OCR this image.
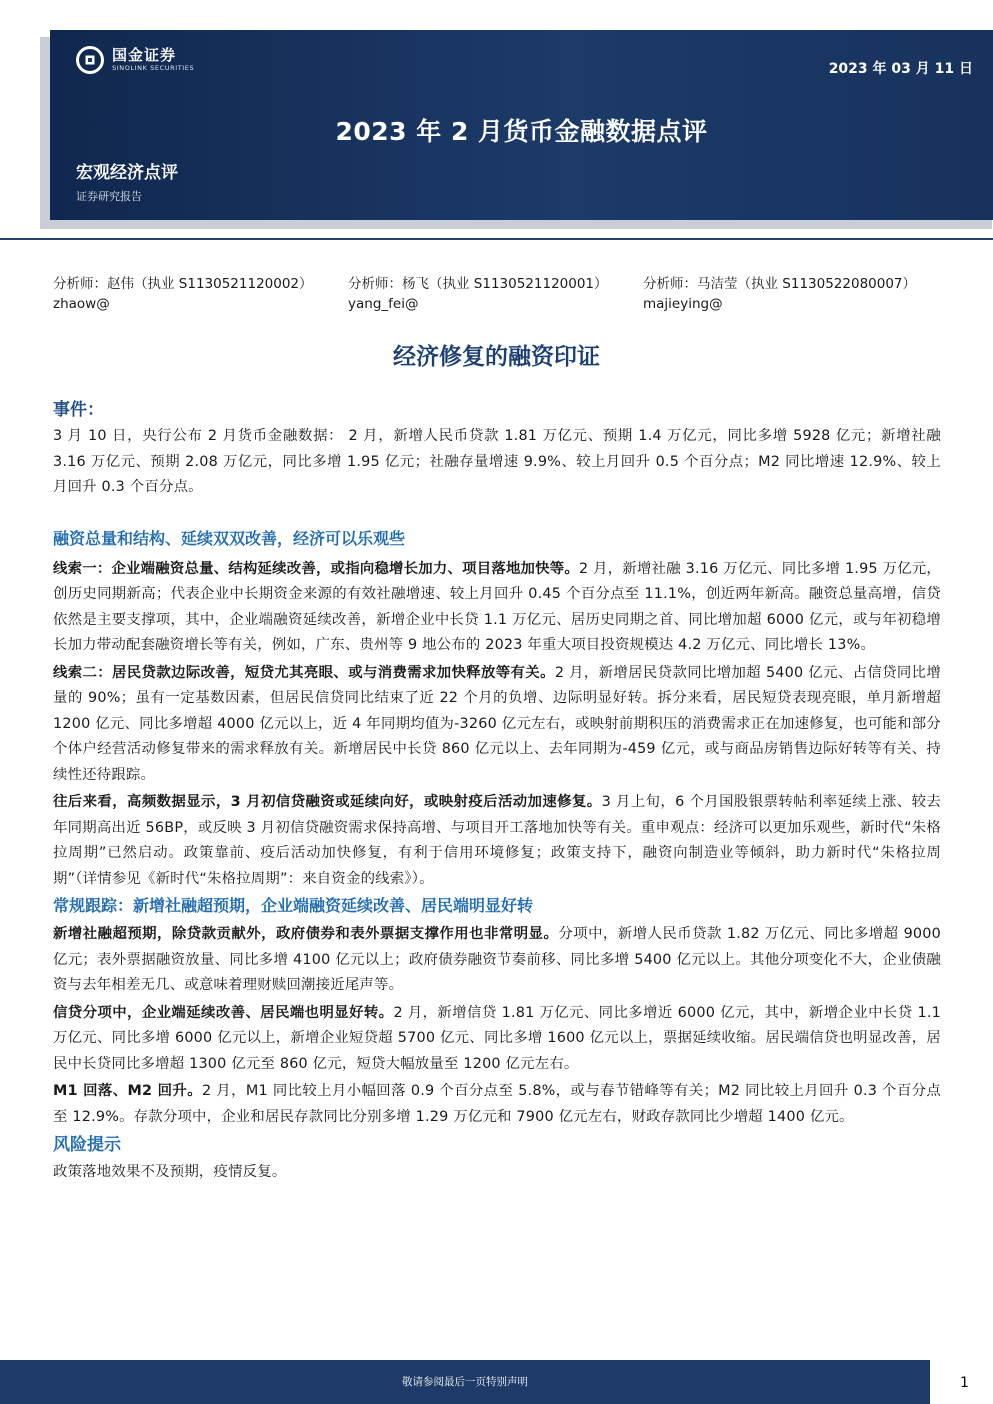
国金证券
SINOLINK SECURITIES	2023 年 03 月 11 日
2023 年 2 月货币金融数据点评
宏观经济点评
证券研究报告
分析师：赵伟（执业 S1130521120002）
zhaow@
分析师：杨飞（执业 S1130521120001）
yang_fei@
分析师：马洁莹（执业 S1130522080007）
majieying@
经济修复的融资印证
事件：

3 月 10 日，央行公布 2 月货币金融数据： 2 月，新增人民币贷款 1.81 万亿元、预期 1.4 万亿元，同比多增 5928 亿元；新增社融 3.16 万亿元、预期 2.08 万亿元，同比多增 1.95 亿元；社融存量增速 9.9%、较上月回升 0.5 个百分点；M2 同比增速 12.9%、较上月回升 0.3 个百分点。

融资总量和结构、延续双双改善，经济可以乐观些

线索一：企业端融资总量、结构延续改善，或指向稳增长加力、项目落地加快等。2 月，新增社融 3.16 万亿元、同比多增 1.95 万亿元，创历史同期新高；代表企业中长期资金来源的有效社融增速、较上月回升 0.45 个百分点至 11.1%，创近两年新高。融资总量高增，信贷依然是主要支撑项，其中，企业端融资延续改善，新增企业中长贷 1.1 万亿元、居历史同期之首、同比增加超 6000 亿元，或与年初稳增长加力带动配套融资增长等有关，例如，广东、贵州等 9 地公布的 2023 年重大项目投资规模达 4.2 万亿元、同比增长 13%。

线索二：居民贷款边际改善，短贷尤其亮眼、或与消费需求加快释放等有关。2 月，新增居民贷款同比增加超 5400 亿元、占信贷同比增量的 90%；虽有一定基数因素，但居民信贷同比结束了近 22 个月的负增、边际明显好转。拆分来看，居民短贷表现亮眼，单月新增超 1200 亿元、同比多增超 4000 亿元以上，近 4 年同期均值为-3260 亿元左右，或映射前期积压的消费需求正在加速修复，也可能和部分个体户经营活动修复带来的需求释放有关。新增居民中长贷 860 亿元以上、去年同期为-459 亿元，或与商品房销售边际好转等有关、持续性还待跟踪。

往后来看，高频数据显示，3 月初信贷融资或延续向好，或映射疫后活动加速修复。3 月上旬，6 个月国股银票转帖利率延续上涨、较去年同期高出近 56BP，或反映 3 月初信贷融资需求保持高增、与项目开工落地加快等有关。重申观点：经济可以更加乐观些，新时代“朱格拉周期”已然启动。政策靠前、疫后活动加快修复，有利于信用环境修复；政策支持下，融资向制造业等倾斜，助力新时代“朱格拉周期”（详情参见《新时代“朱格拉周期”：来自资金的线索》）。

常规跟踪：新增社融超预期，企业端融资延续改善、居民端明显好转

新增社融超预期，除贷款贡献外，政府债券和表外票据支撑作用也非常明显。分项中，新增人民币贷款 1.82 万亿元、同比多增超 9000 亿元；表外票据融资放量、同比多增 4100 亿元以上；政府债券融资节奏前移、同比多增 5400 亿元以上。其他分项变化不大，企业债融资与去年相差无几、或意味着理财赎回潮接近尾声等。

信贷分项中，企业端延续改善、居民端也明显好转。2 月，新增信贷 1.81 万亿元、同比多增近 6000 亿元，其中，新增企业中长贷 1.1 万亿元、同比多增 6000 亿元以上，新增企业短贷超 5700 亿元、同比多增 1600 亿元以上，票据延续收缩。居民端信贷也明显改善，居民中长贷同比多增超 1300 亿元至 860 亿元，短贷大幅放量至 1200 亿元左右。

M1 回落、M2 回升。2 月，M1 同比较上月小幅回落 0.9 个百分点至 5.8%，或与春节错峰等有关；M2 同比较上月回升 0.3 个百分点至 12.9%。存款分项中，企业和居民存款同比分别多增 1.29 万亿元和 7900 亿元左右，财政存款同比少增超 1400 亿元。

风险提示

政策落地效果不及预期，疫情反复。

敬请参阅最后一页特别声明	1
